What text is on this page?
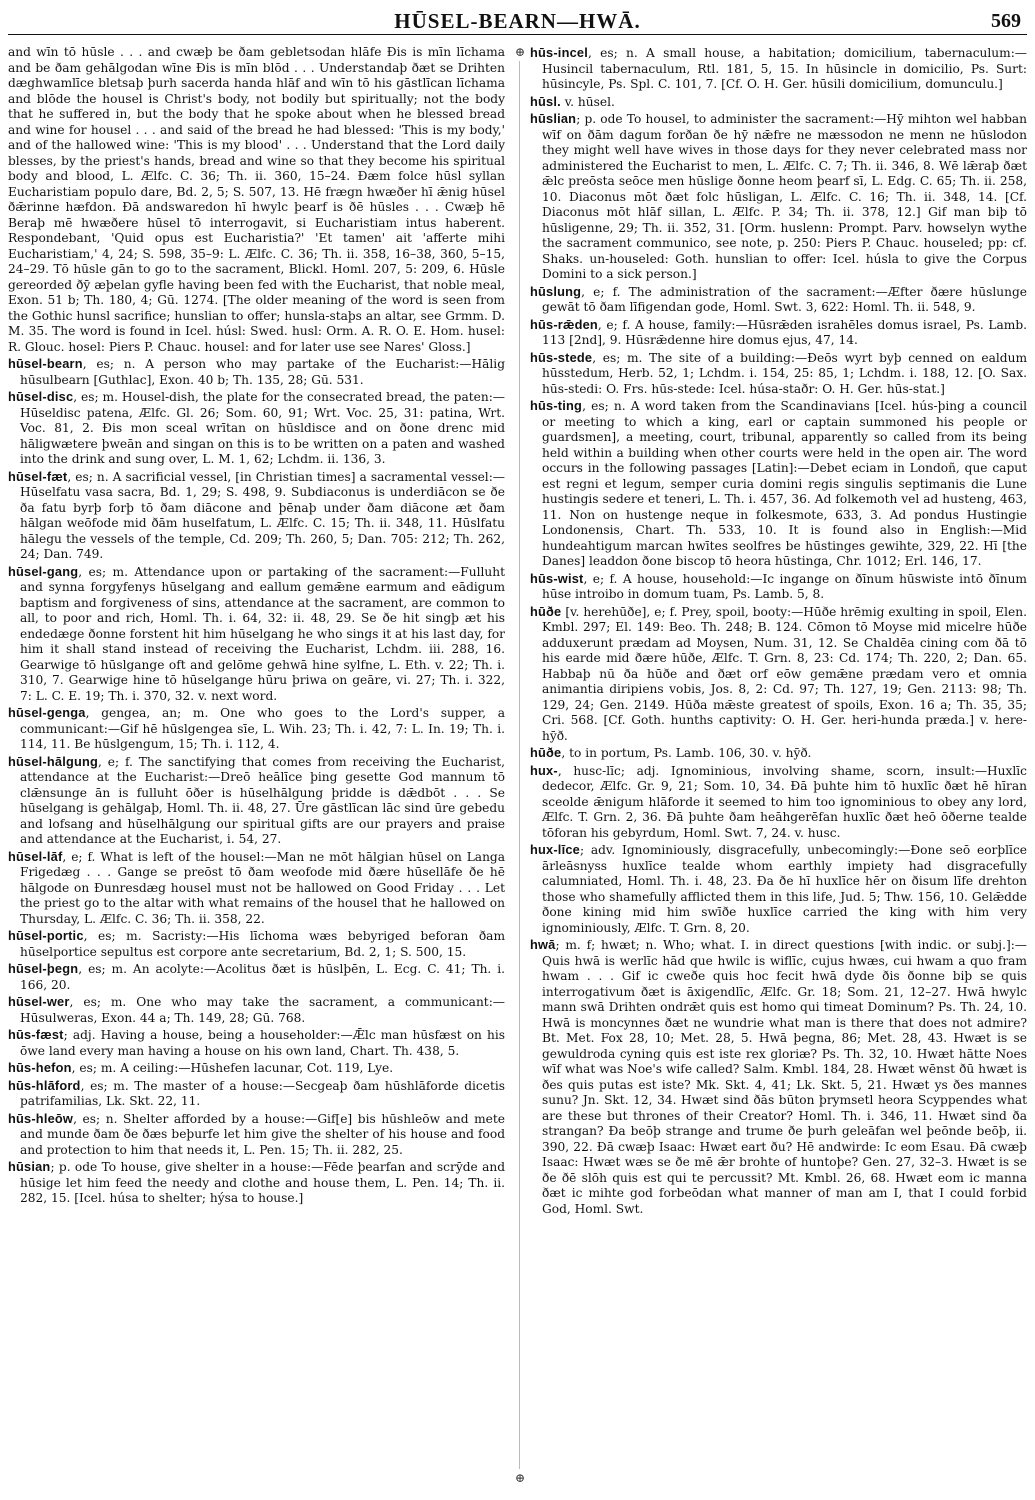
HŪSEL-BEARN—HWĀ.	569

and wīn tō hūsle . . . and cwæþ be ðam gebletsodan hlāfe Ðis is mīn līchama and be ðam gehālgodan wīne Ðis is mīn blōd . . . Understandaþ ðæt se Drihten dæghwamlīce bletsaþ þurh sacerda handa hlāf and wīn tō his gāstlīcan līchama and blōde the housel is Christ's body, not bodily but spiritually; not the body that he suffered in, but the body that he spoke about when he blessed bread and wine for housel . . . and said of the bread he had blessed: 'This is my body,' and of the hallowed wine: 'This is my blood' . . . Understand that the Lord daily blesses, by the priest's hands, bread and wine so that they become his spiritual body and blood, L. Ælfc. C. 36; Th. ii. 360, 15–24. Ðæm folce hūsl syllan Eucharistiam populo dare, Bd. 2, 5; S. 507, 13. Hē frægn hwæðer hī ǣnig hūsel ðǣrinne hæfdon. Ðā andswaredon hī hwylc þearf is ðē hūsles . . . Cwæþ hē Beraþ mē hwæðere hūsel tō interrogavit, si Eucharistiam intus haberent. Respondebant, 'Quid opus est Eucharistia?' 'Et tamen' ait 'afferte mihi Eucharistiam,' 4, 24; S. 598, 35–9: L. Ælfc. C. 36; Th. ii. 358, 16–38, 360, 5–15, 24–29. Tō hūsle gān to go to the sacrament, Blickl. Homl. 207, 5: 209, 6. Hūsle gereorded ðȳ æþelan gyfle having been fed with the Eucharist, that noble meal, Exon. 51 b; Th. 180, 4; Gū. 1274. [The older meaning of the word is seen from the Gothic hunsl sacrifice; hunslian to offer; hunsla-staþs an altar, see Grmm. D. M. 35. The word is found in Icel. húsl: Swed. husl: Orm. A. R. O. E. Hom. husel: R. Glouc. hosel: Piers P. Chauc. housel: and for later use see Nares' Gloss.]

hūsel-bearn, es; n. A person who may partake of the Eucharist:—Hālig hūsulbearn [Guthlac], Exon. 40 b; Th. 135, 28; Gū. 531.

hūsel-disc, es; m. Housel-dish, the plate for the consecrated bread, the paten:—Hūseldisc patena, Ælfc. Gl. 26; Som. 60, 91; Wrt. Voc. 25, 31: patina, Wrt. Voc. 81, 2. Ðis mon sceal wrītan on hūsldisce and on ðone drenc mid hāligwætere þweān and singan on this is to be written on a paten and washed into the drink and sung over, L. M. 1, 62; Lchdm. ii. 136, 3.

hūsel-fæt, es; n. A sacrificial vessel, [in Christian times] a sacramental vessel:—Hūselfatu vasa sacra, Bd. 1, 29; S. 498, 9. Subdiaconus is underdiācon se ðe ða fatu byrþ forþ tō ðam diācone and þēnaþ under ðam diācone æt ðam hālgan weōfode mid ðām huselfatum, L. Ælfc. C. 15; Th. ii. 348, 11. Hūslfatu hālegu the vessels of the temple, Cd. 209; Th. 260, 5; Dan. 705: 212; Th. 262, 24; Dan. 749.

hūsel-gang, es; m. Attendance upon or partaking of the sacrament:—Fulluht and synna forgyfenys hūselgang and eallum gemǣne earmum and eādigum baptism and forgiveness of sins, attendance at the sacrament, are common to all, to poor and rich, Homl. Th. i. 64, 32: ii. 48, 29. Se ðe hit singþ æt his endedæge ðonne forstent hit him hūselgang he who sings it at his last day, for him it shall stand instead of receiving the Eucharist, Lchdm. iii. 288, 16. Gearwige tō hūslgange oft and gelōme gehwā hine sylfne, L. Eth. v. 22; Th. i. 310, 7. Gearwige hine tō hūselgange hūru þriwa on geāre, vi. 27; Th. i. 322, 7: L. C. E. 19; Th. i. 370, 32. v. next word.

hūsel-genga, gengea, an; m. One who goes to the Lord's supper, a communicant:—Gif hē hūslgengea sīe, L. Wih. 23; Th. i. 42, 7: L. In. 19; Th. i. 114, 11. Be hūslgengum, 15; Th. i. 112, 4.

hūsel-hālgung, e; f. The sanctifying that comes from receiving the Eucharist, attendance at the Eucharist:—Dreō heālīce þing gesette God mannum tō clǣnsunge ān is fulluht ōðer is hūselhālgung þridde is dǣdbōt . . . Se hūselgang is gehālgaþ, Homl. Th. ii. 48, 27. Ūre gāstlīcan lāc sind ūre gebedu and lofsang and hūselhālgung our spiritual gifts are our prayers and praise and attendance at the Eucharist, i. 54, 27.

hūsel-lāf, e; f. What is left of the housel:—Man ne mōt hālgian hūsel on Langa Frigedæg . . . Gange se preōst tō ðam weofode mid ðære hūsellāfe ðe hē hālgode on Ðunresdæg housel must not be hallowed on Good Friday . . . Let the priest go to the altar with what remains of the housel that he hallowed on Thursday, L. Ælfc. C. 36; Th. ii. 358, 22.

hūsel-portic, es; m. Sacristy:—His līchoma wæs bebyriged beforan ðam hūselportice sepultus est corpore ante secretarium, Bd. 2, 1; S. 500, 15.

hūsel-þegn, es; m. An acolyte:—Acolitus ðæt is hūslþēn, L. Ecg. C. 41; Th. i. 166, 20.

hūsel-wer, es; m. One who may take the sacrament, a communicant:—Hūsulweras, Exon. 44 a; Th. 149, 28; Gū. 768.

hūs-fæst; adj. Having a house, being a householder:—Ǣlc man hūsfæst on his ōwe land every man having a house on his own land, Chart. Th. 438, 5.

hūs-hefon, es; m. A ceiling:—Hūshefen lacunar, Cot. 119, Lye.

hūs-hlāford, es; m. The master of a house:—Secgeaþ ðam hūshlāforde dicetis patrifamilias, Lk. Skt. 22, 11.

hūs-hleōw, es; n. Shelter afforded by a house:—Gif[e] bis hūshleōw and mete and munde ðam ðe ðæs beþurfe let him give the shelter of his house and food and protection to him that needs it, L. Pen. 15; Th. ii. 282, 25.

hūsian; p. ode To house, give shelter in a house:—Fēde þearfan and scrȳde and hūsige let him feed the needy and clothe and house them, L. Pen. 14; Th. ii. 282, 15. [Icel. húsa to shelter; hýsa to house.]

hūs-incel, es; n. A small house, a habitation; domicilium, tabernaculum:—Husincil tabernaculum, Rtl. 181, 5, 15. In hūsincle in domicilio, Ps. Surt: hūsincyle, Ps. Spl. C. 101, 7. [Cf. O. H. Ger. hūsili domicilium, domunculu.]

hūsl. v. hūsel.

hūslian; p. ode To housel, to administer the sacrament:—Hȳ mihton wel habban wīf on ðām dagum forðan ðe hȳ nǣfre ne mæssodon ne menn ne hūslodon they might well have wives in those days for they never celebrated mass nor administered the Eucharist to men, L. Ælfc. C. 7; Th. ii. 346, 8. Wē lǣraþ ðæt ǣlc preōsta seōce men hūslige ðonne heom þearf sī, L. Edg. C. 65; Th. ii. 258, 10. Diaconus mōt ðæt folc hūsligan, L. Ælfc. C. 16; Th. ii. 348, 14. [Cf. Diaconus mōt hlāf sillan, L. Ælfc. P. 34; Th. ii. 378, 12.] Gif man biþ tō hūsligenne, 29; Th. ii. 352, 31. [Orm. huslenn: Prompt. Parv. howselyn wythe the sacrament communico, see note, p. 250: Piers P. Chauc. houseled; pp: cf. Shaks. un-houseled: Goth. hunslian to offer: Icel. húsla to give the Corpus Domini to a sick person.]

hūslung, e; f. The administration of the sacrament:—Æfter ðære hūslunge gewāt tō ðam līfigendan gode, Homl. Swt. 3, 622: Homl. Th. ii. 548, 9.

hūs-rǣden, e; f. A house, family:—Hūsrǣden israhēles domus israel, Ps. Lamb. 113 [2nd], 9. Hūsrǣdenne hire domus ejus, 47, 14.

hūs-stede, es; m. The site of a building:—Ðeōs wyrt byþ cenned on ealdum hūsstedum, Herb. 52, 1; Lchdm. i. 154, 25: 85, 1; Lchdm. i. 188, 12. [O. Sax. hūs-stedi: O. Frs. hūs-stede: Icel. húsa-staðr: O. H. Ger. hūs-stat.]

hūs-ting, es; n. A word taken from the Scandinavians [Icel. hús-þing a council or meeting to which a king, earl or captain summoned his people or guardsmen], a meeting, court, tribunal, apparently so called from its being held within a building when other courts were held in the open air. The word occurs in the following passages [Latin]:—Debet eciam in Londoñ, que caput est regni et legum, semper curia domini regis singulis septimanis die Lune hustingis sedere et teneri, L. Th. i. 457, 36. Ad folkemoth vel ad husteng, 463, 11. Non on hustenge neque in folkesmote, 633, 3. Ad pondus Hustingie Londonensis, Chart. Th. 533, 10. It is found also in English:—Mid hundeahtigum marcan hwītes seolfres be hūstinges gewihte, 329, 22. Hī [the Danes] leaddon ðone biscop tō heora hūstinga, Chr. 1012; Erl. 146, 17.

hūs-wist, e; f. A house, household:—Ic ingange on ðīnum hūswiste intō ðīnum hūse introibo in domum tuam, Ps. Lamb. 5, 8.

hūðe [v. herehūðe], e; f. Prey, spoil, booty:—Hūðe hrēmig exulting in spoil, Elen. Kmbl. 297; El. 149: Beo. Th. 248; B. 124. Cōmon tō Moyse mid micelre hūðe adduxerunt prædam ad Moysen, Num. 31, 12. Se Chaldēa cining com ðā tō his earde mid ðære hūðe, Ælfc. T. Grn. 8, 23: Cd. 174; Th. 220, 2; Dan. 65. Habbaþ nū ða hūðe and ðæt orf eōw gemǣne prædam vero et omnia animantia diripiens vobis, Jos. 8, 2: Cd. 97; Th. 127, 19; Gen. 2113: 98; Th. 129, 24; Gen. 2149. Hūða mǣste greatest of spoils, Exon. 16 a; Th. 35, 35; Cri. 568. [Cf. Goth. hunths captivity: O. H. Ger. heri-hunda præda.] v. here-hȳð.

hūðe, to in portum, Ps. Lamb. 106, 30. v. hȳð.

hux-, husc-līc; adj. Ignominious, involving shame, scorn, insult:—Huxlīc dedecor, Ælfc. Gr. 9, 21; Som. 10, 34. Ðā þuhte him tō huxlīc ðæt hē hīran sceolde ǣnigum hlāforde it seemed to him too ignominious to obey any lord, Ælfc. T. Grn. 2, 36. Ðā þuhte ðam heāhgerēfan huxlīc ðæt heō ōðerne tealde tōforan his gebyrdum, Homl. Swt. 7, 24. v. husc.

hux-līce; adv. Ignominiously, disgracefully, unbecomingly:—Ðone seō eorþlīce ārleāsnyss huxlīce tealde whom earthly impiety had disgracefully calumniated, Homl. Th. i. 48, 23. Ða ðe hī huxlīce hēr on ðisum līfe drehton those who shamefully afflicted them in this life, Jud. 5; Thw. 156, 10. Gelǣdde ðone kining mid him swīðe huxlīce carried the king with him very ignominiously, Ælfc. T. Grn. 8, 20.

hwā; m. f; hwæt; n. Who; what. I. in direct questions [with indic. or subj.]:—Quis hwā is werlīc hād que hwilc is wiflīc, cujus hwæs, cui hwam a quo fram hwam . . . Gif ic cweðe quis hoc fecit hwā dyde ðis ðonne biþ se quis interrogativum ðæt is āxigendlīc, Ælfc. Gr. 18; Som. 21, 12–27. Hwā hwylc mann swā Drihten ondrǣt quis est homo qui timeat Dominum? Ps. Th. 24, 10. Hwā is moncynnes ðæt ne wundrie what man is there that does not admire? Bt. Met. Fox 28, 10; Met. 28, 5. Hwā þegna, 86; Met. 28, 43. Hwæt is se gewuldroda cyning quis est iste rex gloriæ? Ps. Th. 32, 10. Hwæt hātte Noes wīf what was Noe's wife called? Salm. Kmbl. 184, 28. Hwæt wēnst ðū hwæt is ðes quis putas est iste? Mk. Skt. 4, 41; Lk. Skt. 5, 21. Hwæt ys ðes mannes sunu? Jn. Skt. 12, 34. Hwæt sind ðās būton þrymsetl heora Scyppendes what are these but thrones of their Creator? Homl. Th. i. 346, 11. Hwæt sind ða strangan? Ða beōþ strange and trume ðe þurh geleāfan wel þeōnde beōþ, ii. 390, 22. Ðā cwæþ Isaac: Hwæt eart ðu? Hē andwirde: Ic eom Esau. Ðā cwæþ Isaac: Hwæt wæs se ðe mē ǣr brohte of huntoþe? Gen. 27, 32–3. Hwæt is se ðe ðē slōh quis est qui te percussit? Mt. Kmbl. 26, 68. Hwæt eom ic manna ðæt ic mihte god forbeōdan what manner of man am I, that I could forbid God, Homl. Swt.

⊕
⊕
